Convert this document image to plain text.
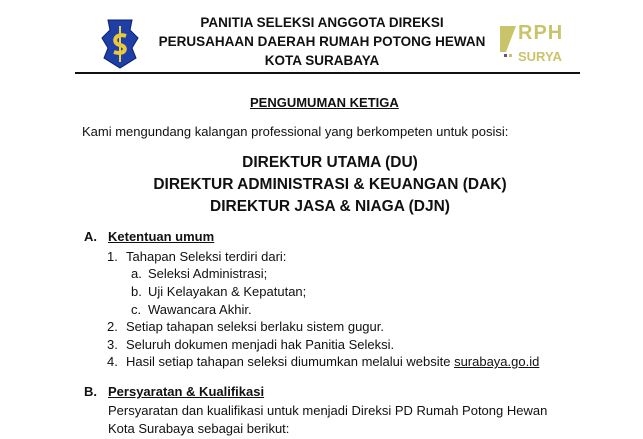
PANITIA SELEKSI ANGGOTA DIREKSI
PERUSAHAAN DAERAH RUMAH POTONG HEWAN
KOTA SURABAYA
RPH
SURYA
PENGUMUMAN KETIGA
Kami mengundang kalangan professional yang berkompeten untuk posisi:
DIREKTUR UTAMA (DU)
DIREKTUR ADMINISTRASI & KEUANGAN (DAK)
DIREKTUR JASA & NIAGA (DJN)
A. Ketentuan umum
1. Tahapan Seleksi terdiri dari:
a. Seleksi Administrasi;
b. Uji Kelayakan & Kepatutan;
c. Wawancara Akhir.
2. Setiap tahapan seleksi berlaku sistem gugur.
3. Seluruh dokumen menjadi hak Panitia Seleksi.
4. Hasil setiap tahapan seleksi diumumkan melalui website surabaya.go.id
B. Persyaratan & Kualifikasi
Persyaratan dan kualifikasi untuk menjadi Direksi PD Rumah Potong Hewan
Kota Surabaya sebagai berikut:
